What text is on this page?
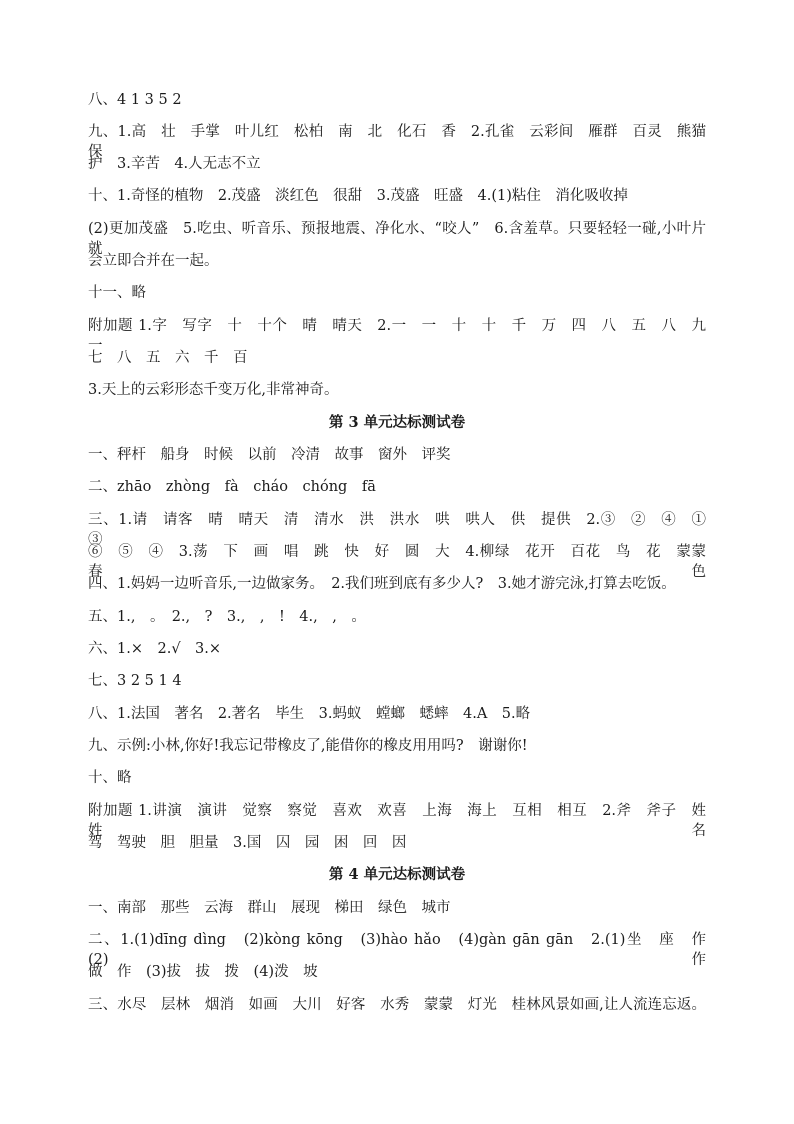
八、4 1 3 5 2
九、1.高　壮　手掌　叶儿红　松柏　南　北　化石　香　2.孔雀　云彩间　雁群　百灵　熊猫　保
护　3.辛苦　4.人无志不立
十、1.奇怪的植物　2.茂盛　淡红色　很甜　3.茂盛　旺盛　4.(1)粘住　消化吸收掉
(2)更加茂盛　5.吃虫、听音乐、预报地震、净化水、“咬人”　6.含羞草。只要轻轻一碰,小叶片就
会立即合并在一起。
十一、略
附加题 1.字　写字　十　十个　晴　晴天　2.一　一　十　十　千　万　四　八　五　八　九　一
七　八　五　六　千　百
3.天上的云彩形态千变万化,非常神奇。
第 3 单元达标测试卷
一、秤杆　船身　时候　以前　冷清　故事　窗外　评奖
二、zhāo　zhòng　fà　cháo　chóng　fā
三、1.请　请客　晴　晴天　清　清水　洪　洪水　哄　哄人　供　提供　2.③　②　④　①　③
⑥　⑤　④　3.荡　下　画　唱　跳　快　好　圆　大　4.柳绿　花开　百花　鸟　花　蒙蒙　春色
四、1.妈妈一边听音乐,一边做家务。　2.我们班到底有多少人?　3.她才游完泳,打算去吃饭。
五、1.,　。　2.,　?　3.,　,　!　4.,　,　。
六、1.×　2.√　3.×
七、3 2 5 1 4
八、1.法国　著名　2.著名　毕生　3.蚂蚁　螳螂　蟋蟀　4.A　5.略
九、示例:小林,你好!我忘记带橡皮了,能借你的橡皮用用吗?　谢谢你!
十、略
附加题 1.讲演　演讲　觉察　察觉　喜欢　欢喜　上海　海上　互相　相互　2.斧　斧子　姓　姓名
驾　驾驶　胆　胆量　3.国　囚　园　困　回　因
第 4 单元达标测试卷
一、南部　那些　云海　群山　展现　梯田　绿色　城市
二、1.(1)dīng dìng　(2)kòng kōng　(3)hào hǎo　(4)gàn gān gān　2.(1)坐　座　作　(2)作
做　作　(3)拔　拔　拨　(4)泼　坡
三、水尽　层林　烟消　如画　大川　好客　水秀　蒙蒙　灯光　桂林风景如画,让人流连忘返。
